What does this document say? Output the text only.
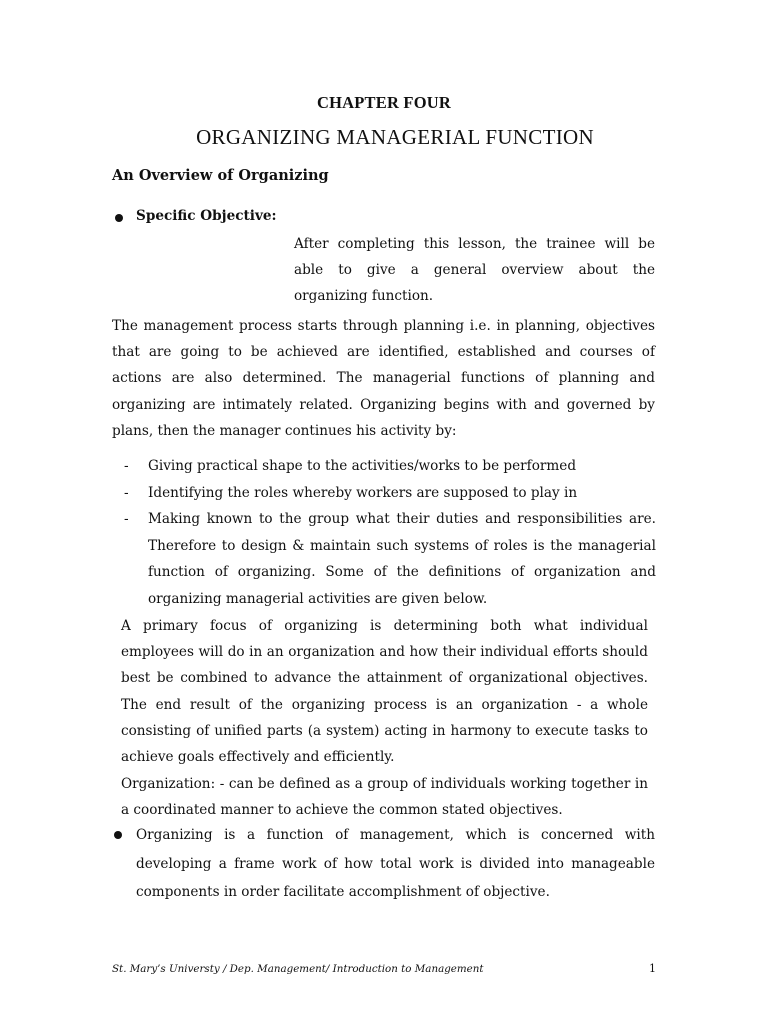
CHAPTER FOUR
ORGANIZING MANAGERIAL FUNCTION
An Overview of Organizing
Specific Objective:
After completing this lesson, the trainee will be able to give a general overview about the organizing function.
The management process starts through planning i.e. in planning, objectives that are going to be achieved are identified, established and courses of actions are also determined. The managerial functions of planning and organizing are intimately related. Organizing begins with and governed by plans, then the manager continues his activity by:
-	Giving practical shape to the activities/works to be performed
-	Identifying the roles whereby workers are supposed to play in
-	Making known to the group what their duties and responsibilities are. Therefore to design & maintain such systems of roles is the managerial function of organizing. Some of the definitions of organization and organizing managerial activities are given below.
A primary focus of organizing is determining both what individual employees will do in an organization and how their individual efforts should best be combined to advance the attainment of organizational objectives. The end result of the organizing process is an organization - a whole consisting of unified parts (a system) acting in harmony to execute tasks to achieve goals effectively and efficiently.
Organization: - can be defined as a group of individuals working together in a coordinated manner to achieve the common stated objectives.
Organizing is a function of management, which is concerned with developing a frame work of how total work is divided into manageable components in order facilitate accomplishment of objective.
St. Mary’s Universty / Dep. Management/ Introduction to Management	1
